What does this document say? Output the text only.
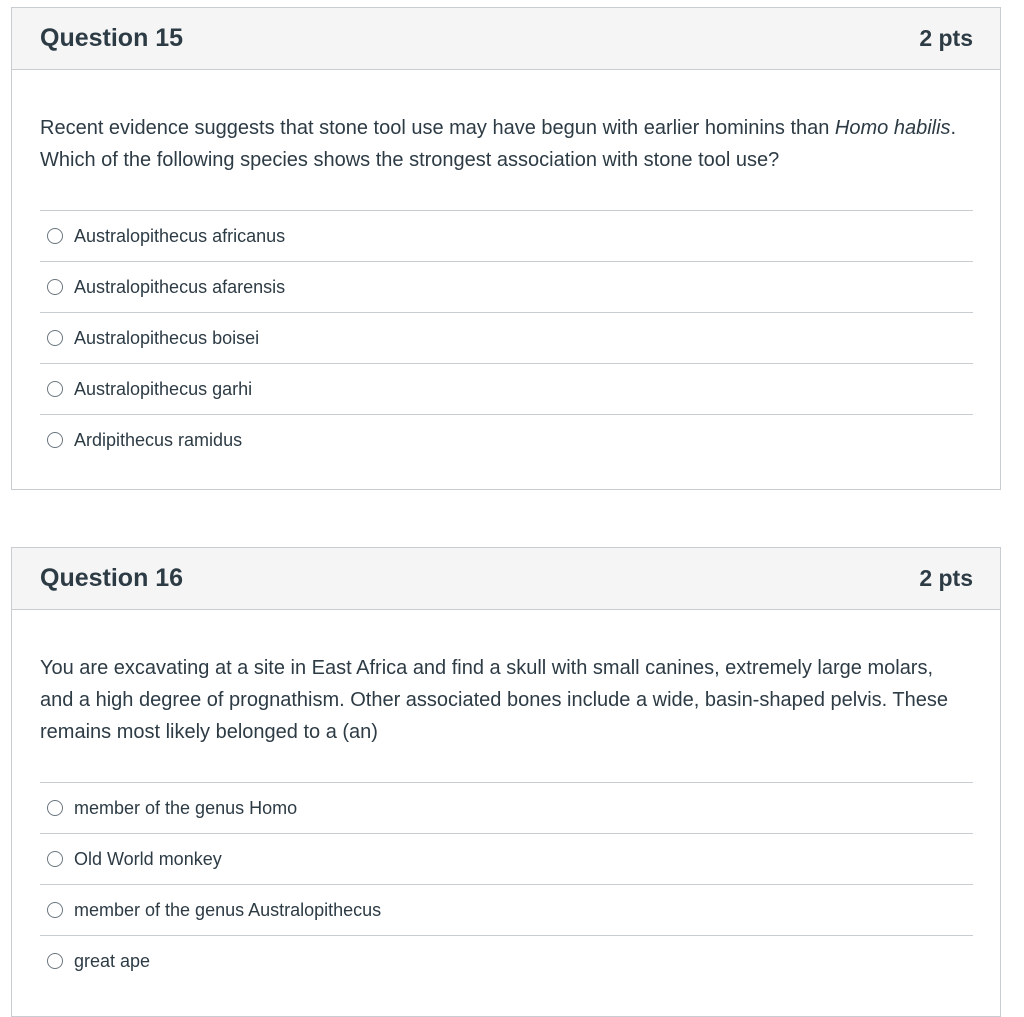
Question 15	2 pts
Recent evidence suggests that stone tool use may have begun with earlier hominins than Homo habilis. Which of the following species shows the strongest association with stone tool use?
Australopithecus africanus
Australopithecus afarensis
Australopithecus boisei
Australopithecus garhi
Ardipithecus ramidus
Question 16	2 pts
You are excavating at a site in East Africa and find a skull with small canines, extremely large molars, and a high degree of prognathism. Other associated bones include a wide, basin-shaped pelvis. These remains most likely belonged to a (an)
member of the genus Homo
Old World monkey
member of the genus Australopithecus
great ape
